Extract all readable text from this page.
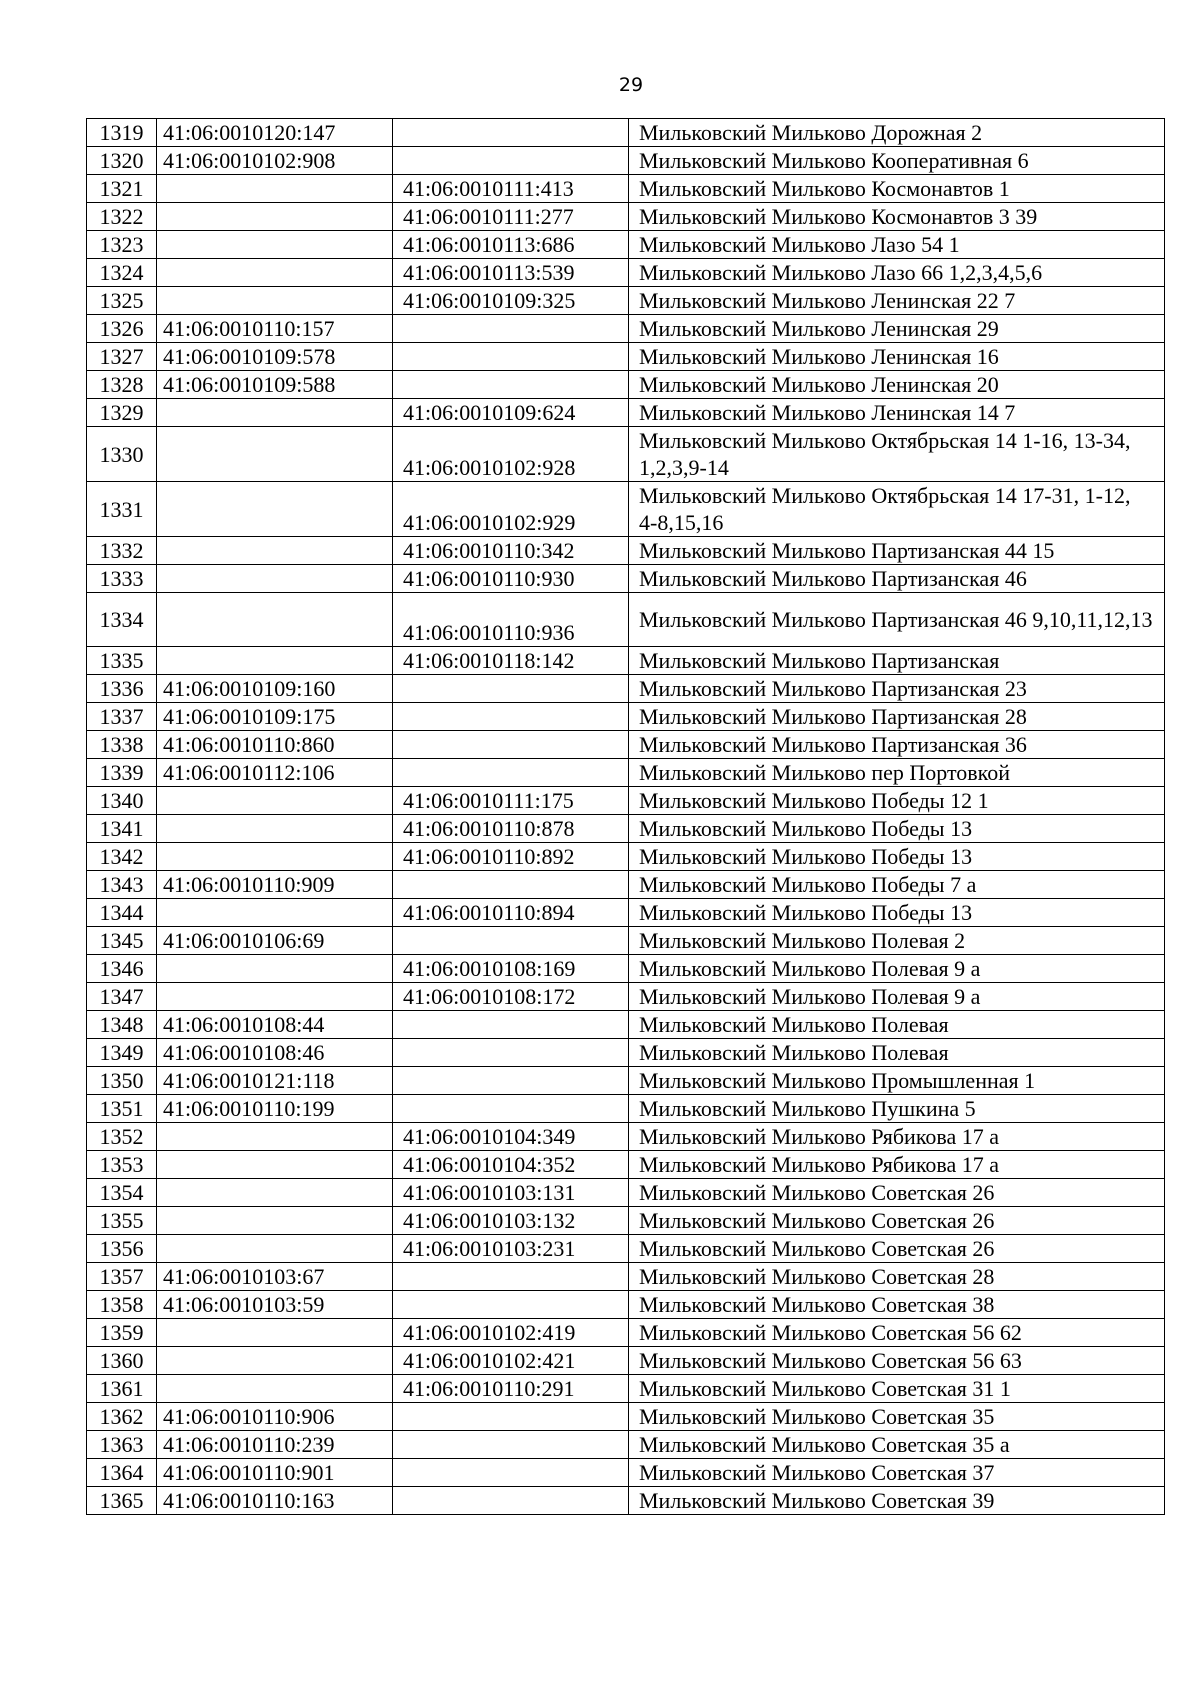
29
1319	41:06:0010120:147		Мильковский Мильково Дорожная 2
1320	41:06:0010102:908		Мильковский Мильково Кооперативная 6
1321		41:06:0010111:413	Мильковский Мильково Космонавтов 1
1322		41:06:0010111:277	Мильковский Мильково Космонавтов 3 39
1323		41:06:0010113:686	Мильковский Мильково Лазо 54 1
1324		41:06:0010113:539	Мильковский Мильково Лазо 66 1,2,3,4,5,6
1325		41:06:0010109:325	Мильковский Мильково Ленинская 22 7
1326	41:06:0010110:157		Мильковский Мильково Ленинская 29
1327	41:06:0010109:578		Мильковский Мильково Ленинская 16
1328	41:06:0010109:588		Мильковский Мильково Ленинская 20
1329		41:06:0010109:624	Мильковский Мильково Ленинская 14 7
1330		41:06:0010102:928	Мильковский Мильково Октябрьская 14 1-16, 13-34, 1,2,3,9-14
1331		41:06:0010102:929	Мильковский Мильково Октябрьская 14 17-31, 1-12, 4-8,15,16
1332		41:06:0010110:342	Мильковский Мильково Партизанская 44 15
1333		41:06:0010110:930	Мильковский Мильково Партизанская 46
1334		41:06:0010110:936	Мильковский Мильково Партизанская 46 9,10,11,12,13
1335		41:06:0010118:142	Мильковский Мильково Партизанская
1336	41:06:0010109:160		Мильковский Мильково Партизанская 23
1337	41:06:0010109:175		Мильковский Мильково Партизанская 28
1338	41:06:0010110:860		Мильковский Мильково Партизанская 36
1339	41:06:0010112:106		Мильковский Мильково пер Портовкой
1340		41:06:0010111:175	Мильковский Мильково Победы 12 1
1341		41:06:0010110:878	Мильковский Мильково Победы 13
1342		41:06:0010110:892	Мильковский Мильково Победы 13
1343	41:06:0010110:909		Мильковский Мильково Победы 7 а
1344		41:06:0010110:894	Мильковский Мильково Победы 13
1345	41:06:0010106:69		Мильковский Мильково Полевая 2
1346		41:06:0010108:169	Мильковский Мильково Полевая 9 а
1347		41:06:0010108:172	Мильковский Мильково Полевая 9 а
1348	41:06:0010108:44		Мильковский Мильково Полевая
1349	41:06:0010108:46		Мильковский Мильково Полевая
1350	41:06:0010121:118		Мильковский Мильково Промышленная 1
1351	41:06:0010110:199		Мильковский Мильково Пушкина 5
1352		41:06:0010104:349	Мильковский Мильково Рябикова 17 а
1353		41:06:0010104:352	Мильковский Мильково Рябикова 17 а
1354		41:06:0010103:131	Мильковский Мильково Советская 26
1355		41:06:0010103:132	Мильковский Мильково Советская 26
1356		41:06:0010103:231	Мильковский Мильково Советская 26
1357	41:06:0010103:67		Мильковский Мильково Советская 28
1358	41:06:0010103:59		Мильковский Мильково Советская 38
1359		41:06:0010102:419	Мильковский Мильково Советская 56 62
1360		41:06:0010102:421	Мильковский Мильково Советская 56 63
1361		41:06:0010110:291	Мильковский Мильково Советская 31 1
1362	41:06:0010110:906		Мильковский Мильково Советская 35
1363	41:06:0010110:239		Мильковский Мильково Советская 35 а
1364	41:06:0010110:901		Мильковский Мильково Советская 37
1365	41:06:0010110:163		Мильковский Мильково Советская 39
